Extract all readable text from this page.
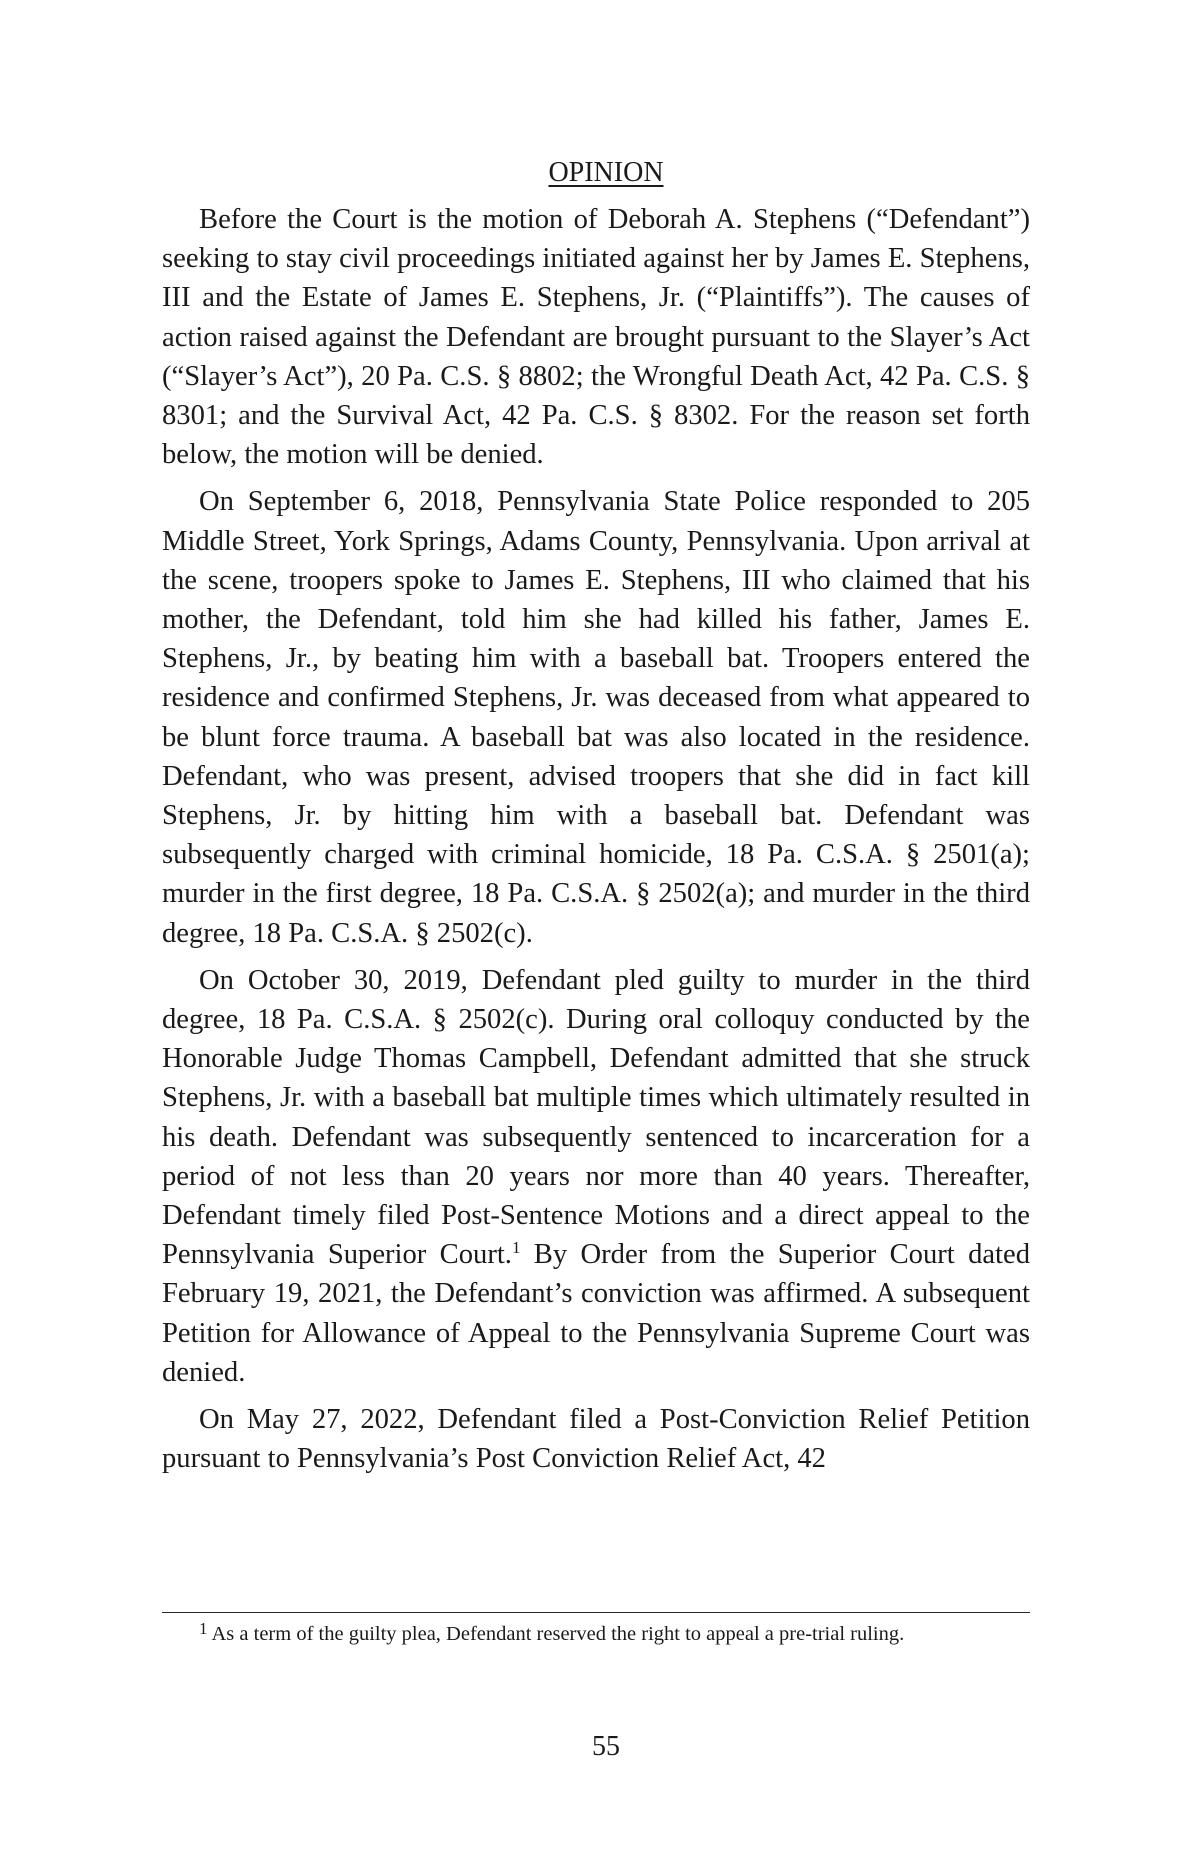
OPINION

Before the Court is the motion of Deborah A. Stephens (“Defendant”) seeking to stay civil proceedings initiated against her by James E. Stephens, III and the Estate of James E. Stephens, Jr. (“Plaintiffs”). The causes of action raised against the Defendant are brought pursuant to the Slayer’s Act (“Slayer’s Act”), 20 Pa. C.S. § 8802; the Wrongful Death Act, 42 Pa. C.S. § 8301; and the Survival Act, 42 Pa. C.S. § 8302. For the reason set forth below, the motion will be denied.

On September 6, 2018, Pennsylvania State Police responded to 205 Middle Street, York Springs, Adams County, Pennsylvania. Upon arrival at the scene, troopers spoke to James E. Stephens, III who claimed that his mother, the Defendant, told him she had killed his father, James E. Stephens, Jr., by beating him with a baseball bat. Troopers entered the residence and confirmed Stephens, Jr. was deceased from what appeared to be blunt force trauma. A baseball bat was also located in the residence. Defendant, who was present, advised troopers that she did in fact kill Stephens, Jr. by hitting him with a baseball bat. Defendant was subsequently charged with criminal homicide, 18 Pa. C.S.A. § 2501(a); murder in the first degree, 18 Pa. C.S.A. § 2502(a); and murder in the third degree, 18 Pa. C.S.A. § 2502(c).

On October 30, 2019, Defendant pled guilty to murder in the third degree, 18 Pa. C.S.A. § 2502(c). During oral colloquy conducted by the Honorable Judge Thomas Campbell, Defendant admitted that she struck Stephens, Jr. with a baseball bat multiple times which ultimately resulted in his death. Defendant was subsequently sentenced to incarceration for a period of not less than 20 years nor more than 40 years. Thereafter, Defendant timely filed Post-Sentence Motions and a direct appeal to the Pennsylvania Superior Court.$^1$ By Order from the Superior Court dated February 19, 2021, the Defendant’s conviction was affirmed. A subsequent Petition for Allowance of Appeal to the Pennsylvania Supreme Court was denied.

On May 27, 2022, Defendant filed a Post-Conviction Relief Petition pursuant to Pennsylvania’s Post Conviction Relief Act, 42

$^1$ As a term of the guilty plea, Defendant reserved the right to appeal a pre-trial ruling.
55
